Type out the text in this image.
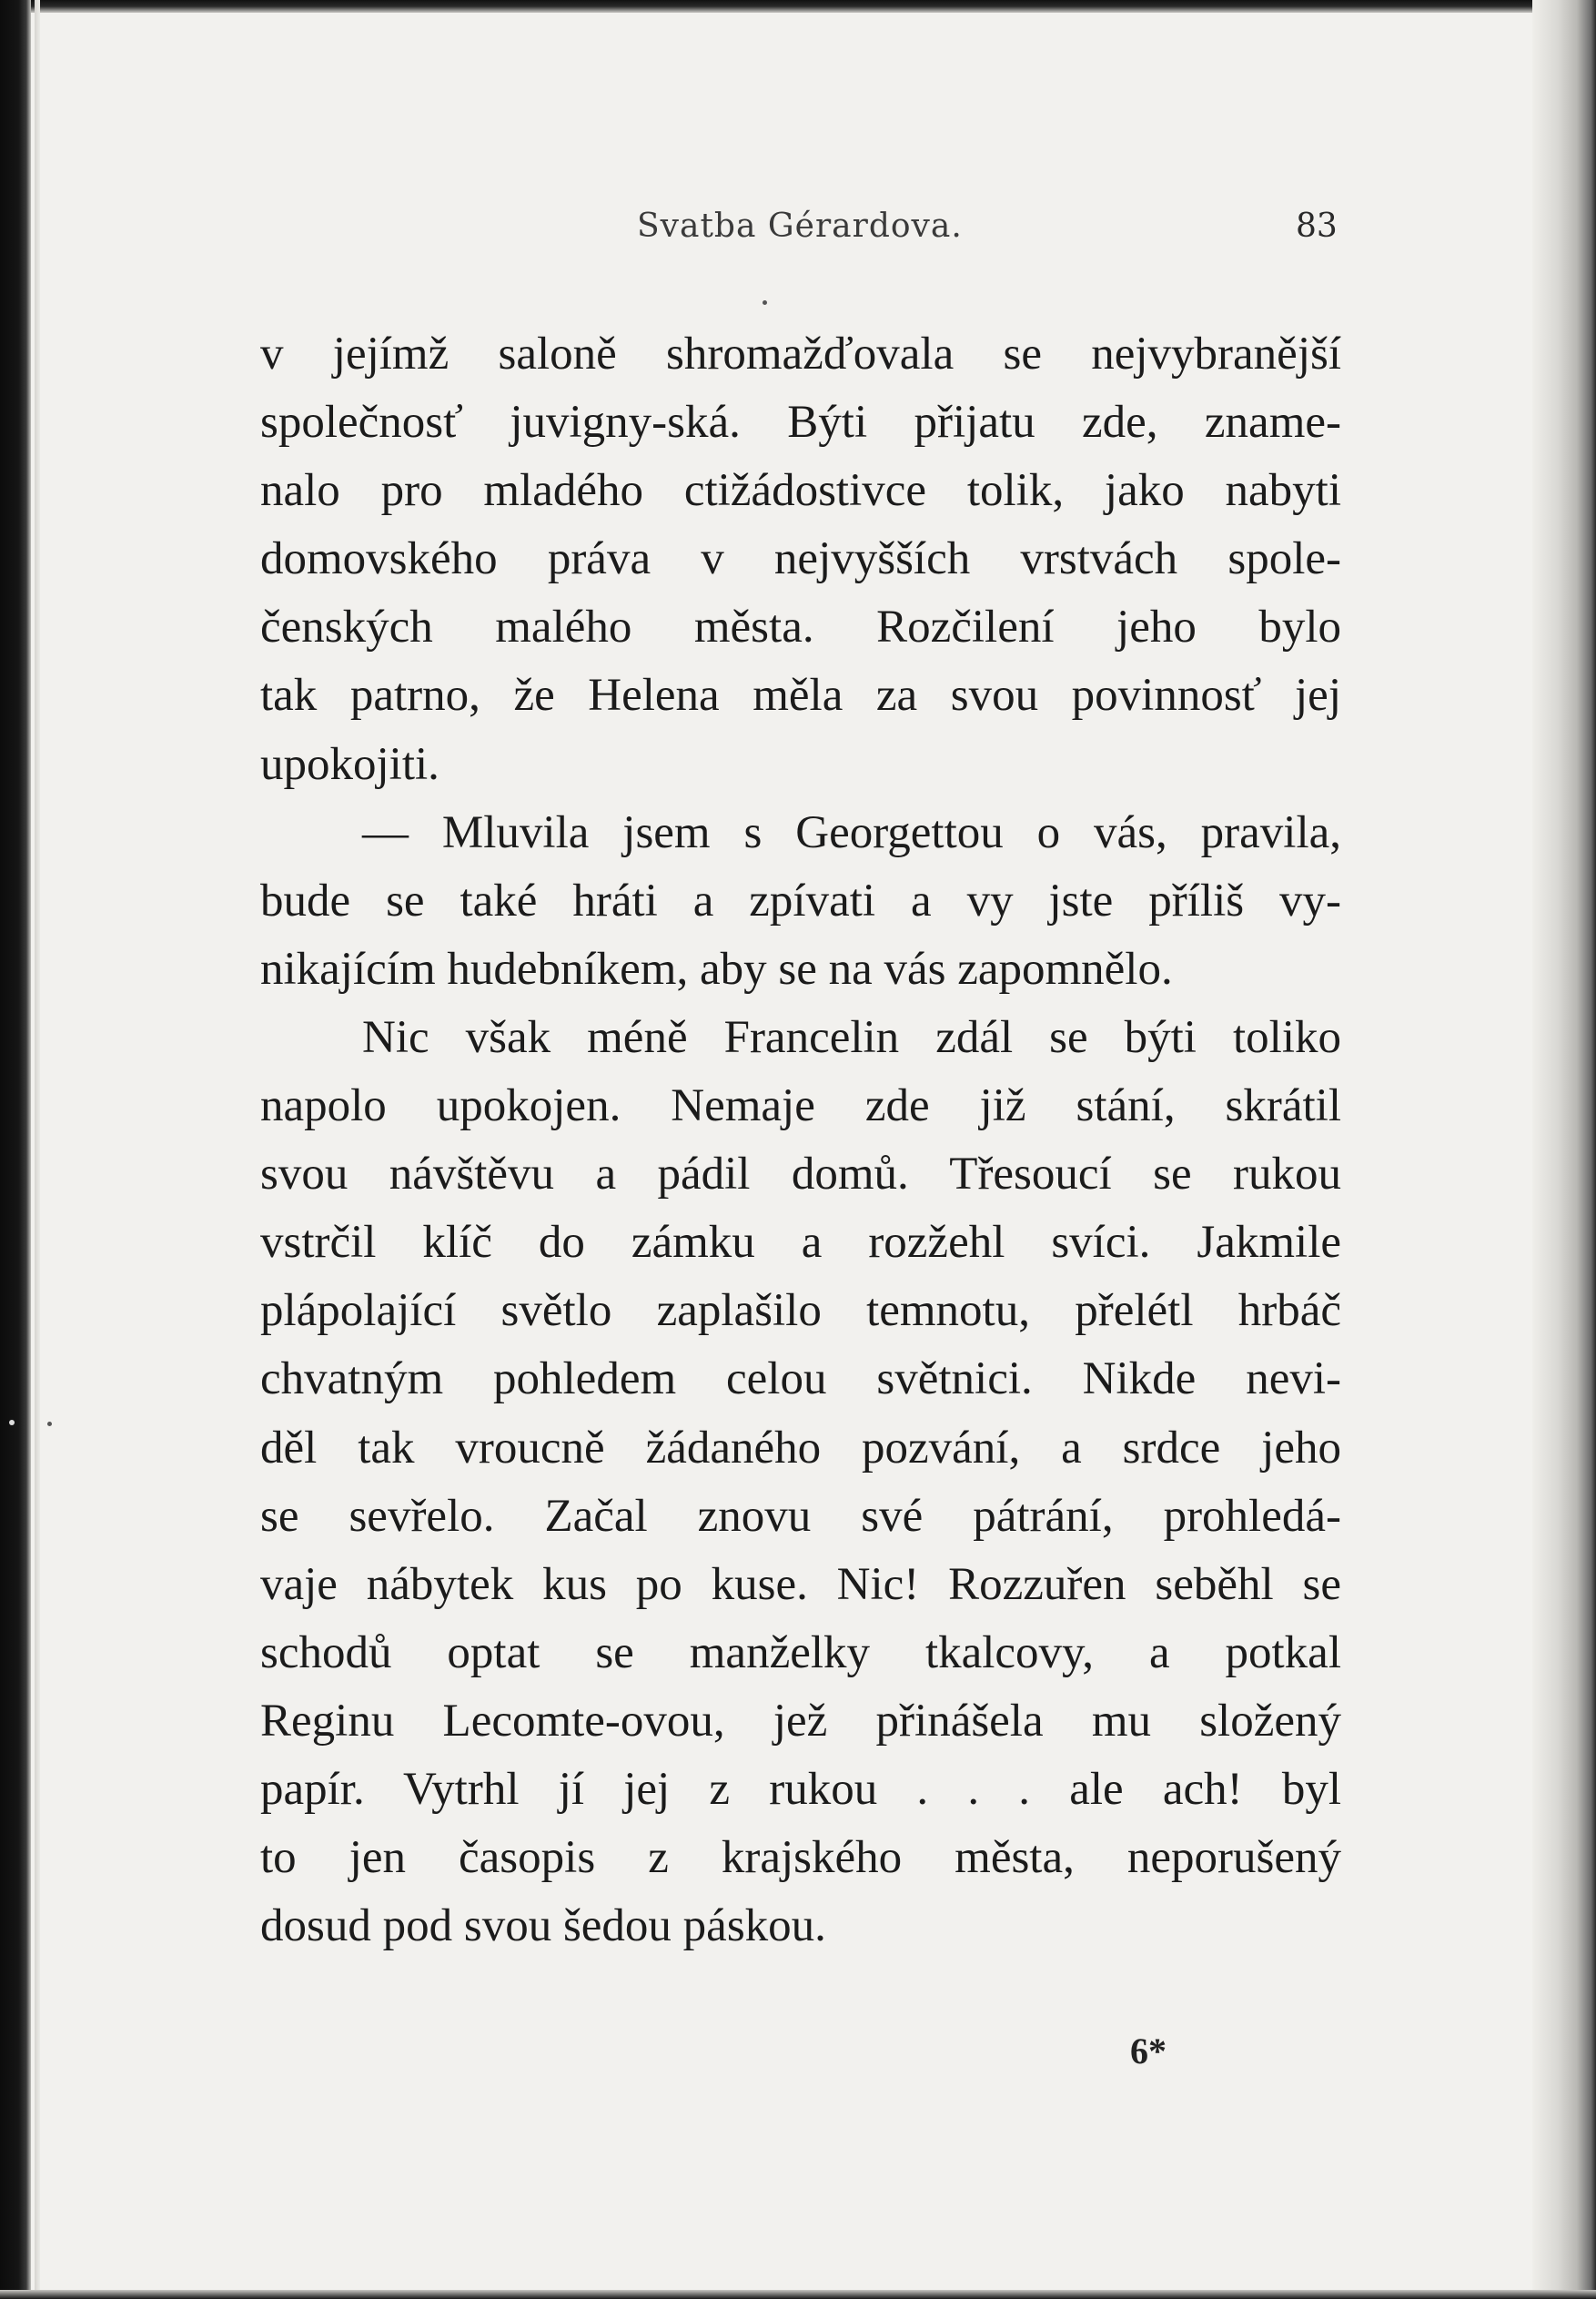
Svatba Gérardova.	83
v jejímž saloně shromažďovala se nejvybranější
společnosť juvigny-ská. Býti přijatu zde, zname-
nalo pro mladého ctižádostivce tolik, jako nabyti
domovského práva v nejvyšších vrstvách spole-
čenských malého města. Rozčilení jeho bylo
tak patrno, že Helena měla za svou povinnosť jej
upokojiti.
— Mluvila jsem s Georgettou o vás, pravila,
bude se také hráti a zpívati a vy jste příliš vy-
nikajícím hudebníkem, aby se na vás zapomnělo.
Nic však méně Francelin zdál se býti toliko
napolo upokojen. Nemaje zde již stání, skrátil
svou návštěvu a pádil domů. Třesoucí se rukou
vstrčil klíč do zámku a rozžehl svíci. Jakmile
plápolající světlo zaplašilo temnotu, přelétl hrbáč
chvatným pohledem celou světnici. Nikde nevi-
děl tak vroucně žádaného pozvání, a srdce jeho
se sevřelo. Začal znovu své pátrání, prohledá-
vaje nábytek kus po kuse. Nic! Rozzuřen seběhl se
schodů optat se manželky tkalcovy, a potkal
Reginu Lecomte-ovou, jež přinášela mu složený
papír. Vytrhl jí jej z rukou . . . ale ach! byl
to jen časopis z krajského města, neporušený
dosud pod svou šedou páskou.
6*
